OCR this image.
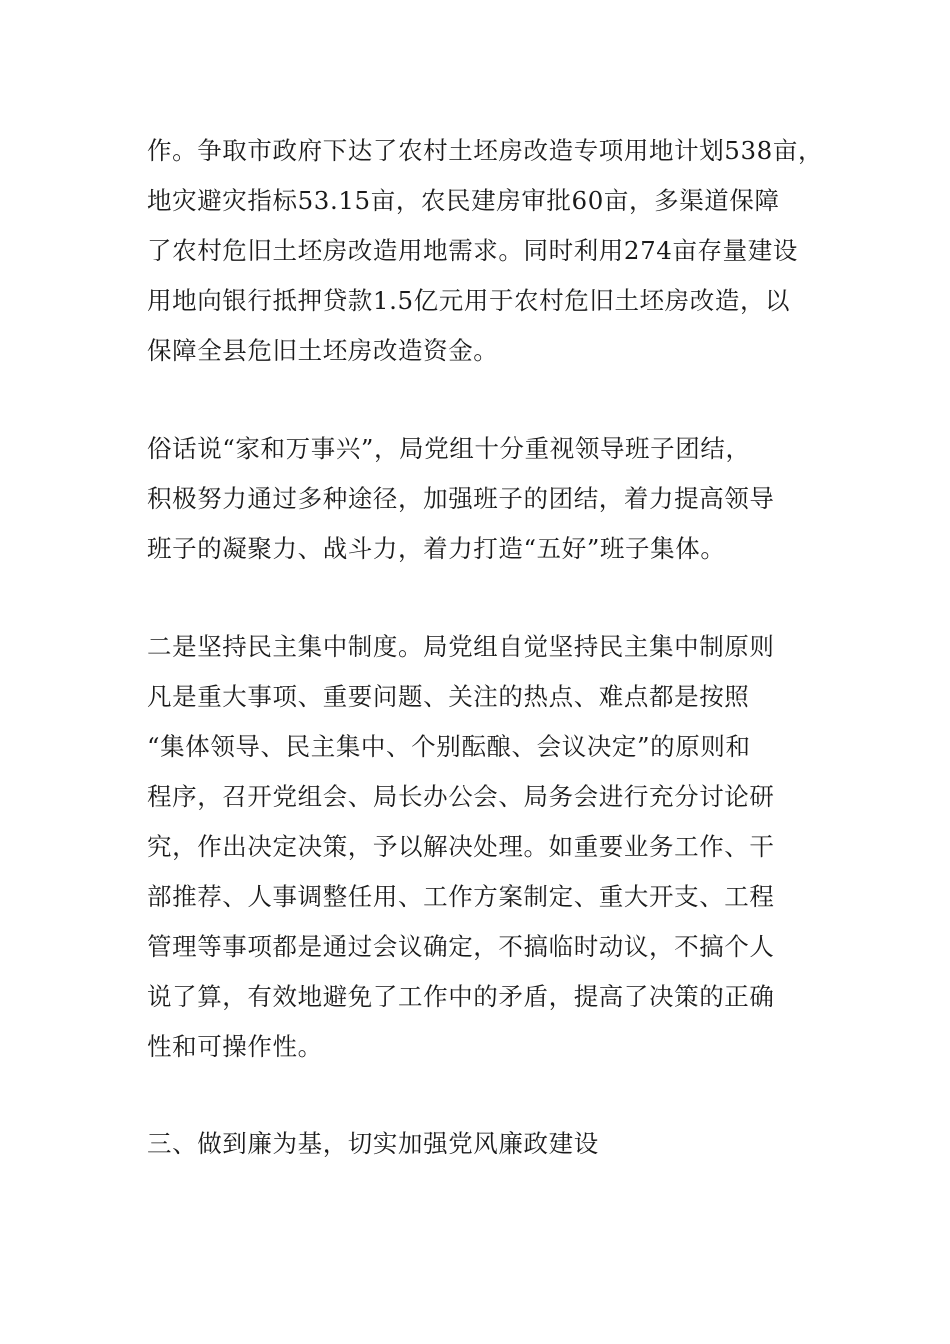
作。争取市政府下达了农村土坯房改造专项用地计划538亩，
地灾避灾指标53.15亩，农民建房审批60亩，多渠道保障
了农村危旧土坯房改造用地需求。同时利用274亩存量建设
用地向银行抵押贷款1.5亿元用于农村危旧土坯房改造，以
保障全县危旧土坯房改造资金。
俗话说“家和万事兴”，局党组十分重视领导班子团结，
积极努力通过多种途径，加强班子的团结，着力提高领导
班子的凝聚力、战斗力，着力打造“五好”班子集体。
二是坚持民主集中制度。局党组自觉坚持民主集中制原则
凡是重大事项、重要问题、关注的热点、难点都是按照
“集体领导、民主集中、个别酝酿、会议决定”的原则和
程序，召开党组会、局长办公会、局务会进行充分讨论研
究，作出决定决策，予以解决处理。如重要业务工作、干
部推荐、人事调整任用、工作方案制定、重大开支、工程
管理等事项都是通过会议确定，不搞临时动议，不搞个人
说了算，有效地避免了工作中的矛盾，提高了决策的正确
性和可操作性。
三、做到廉为基，切实加强党风廉政建设
